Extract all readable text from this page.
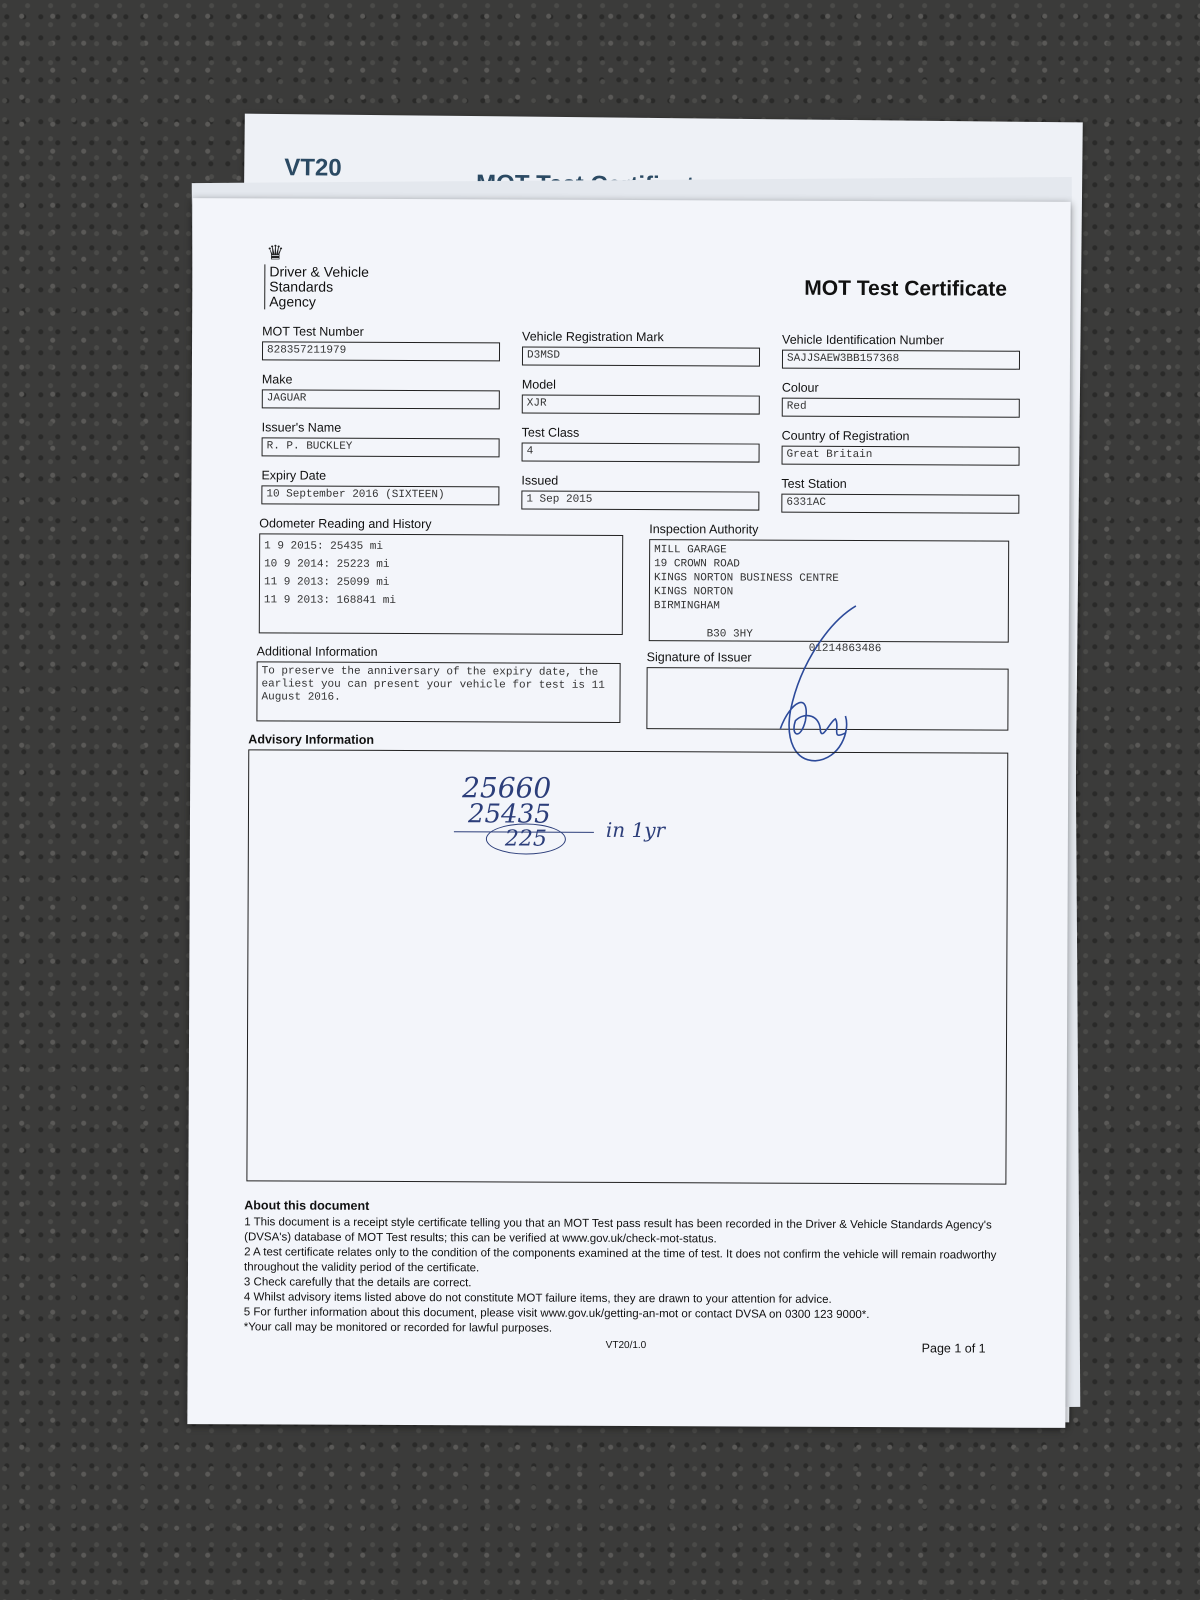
VT20
♛
Driver & Vehicle
Standards
Agency
MOT Test Certificate
MOT Test Number
828357211979
Vehicle Registration Mark
D3MSD
Vehicle Identification Number
SAJJSAEW3BB157368
Make
JAGUAR
Model
XJR
Colour
Red
Issuer's Name
R. P. BUCKLEY
Test Class
4
Country of Registration
Great Britain
Expiry Date
10 September 2016 (SIXTEEN)
Issued
1 Sep 2015
Test Station
6331AC
Odometer Reading and History
1 9 2015: 25435 mi
10 9 2014: 25223 mi
11 9 2013: 25099 mi
11 9 2013: 168841 mi
Inspection Authority
MILL GARAGE
19 CROWN ROAD
KINGS NORTON BUSINESS CENTRE
KINGS NORTON
BIRMINGHAM

B30 3HY

01214863486

Additional Information
To preserve the anniversary of the expiry date, the earliest you can present your vehicle for test is 11 August 2016.
Signature of Issuer
Advisory Information
25660
25435
225	in 1yr
About this document
1 This document is a receipt style certificate telling you that an MOT Test pass result has been recorded in the Driver & Vehicle Standards Agency's (DVSA's) database of MOT Test results; this can be verified at www.gov.uk/check-mot-status.
2 A test certificate relates only to the condition of the components examined at the time of test. It does not confirm the vehicle will remain roadworthy throughout the validity period of the certificate.
3 Check carefully that the details are correct.
4 Whilst advisory items listed above do not constitute MOT failure items, they are drawn to your attention for advice.
5 For further information about this document, please visit www.gov.uk/getting-an-mot or contact DVSA on 0300 123 9000*.
*Your call may be monitored or recorded for lawful purposes.
VT20/1.0	Page 1 of 1
